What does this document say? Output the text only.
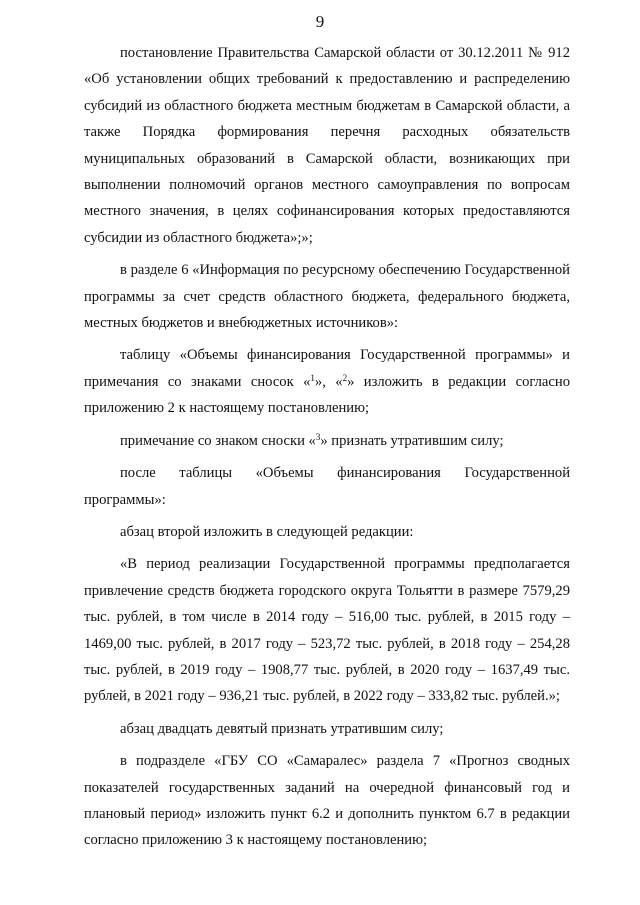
9

постановление Правительства Самарской области от 30.12.2011 № 912 «Об установлении общих требований к предоставлению и распределению субсидий из областного бюджета местным бюджетам в Самарской области, а также Порядка формирования перечня расходных обязательств муниципальных образований в Самарской области, возникающих при выполнении полномочий органов местного самоуправления по вопросам местного значения, в целях софинансирования которых предоставляются субсидии из областного бюджета»;»;

в разделе 6 «Информация по ресурсному обеспечению Государственной программы за счет средств областного бюджета, федерального бюджета, местных бюджетов и внебюджетных источников»:

таблицу «Объемы финансирования Государственной программы» и примечания со знаками сносок «$^1$», «$^2$» изложить в редакции согласно приложению 2 к настоящему постановлению;

примечание со знаком сноски «$^3$» признать утратившим силу;

после таблицы «Объемы финансирования Государственной программы»:

абзац второй изложить в следующей редакции:

«В период реализации Государственной программы предполагается привлечение средств бюджета городского округа Тольятти в размере 7579,29 тыс. рублей, в том числе в 2014 году – 516,00 тыс. рублей, в 2015 году – 1469,00 тыс. рублей, в 2017 году – 523,72 тыс. рублей, в 2018 году – 254,28 тыс. рублей, в 2019 году – 1908,77 тыс. рублей, в 2020 году – 1637,49 тыс. рублей, в 2021 году – 936,21 тыс. рублей, в 2022 году – 333,82 тыс. рублей.»;

абзац двадцать девятый признать утратившим силу;

в подразделе «ГБУ СО «Самаралес» раздела 7 «Прогноз сводных показателей государственных заданий на очередной финансовый год и плановый период» изложить пункт 6.2 и дополнить пунктом 6.7 в редакции согласно приложению 3 к настоящему постановлению;
